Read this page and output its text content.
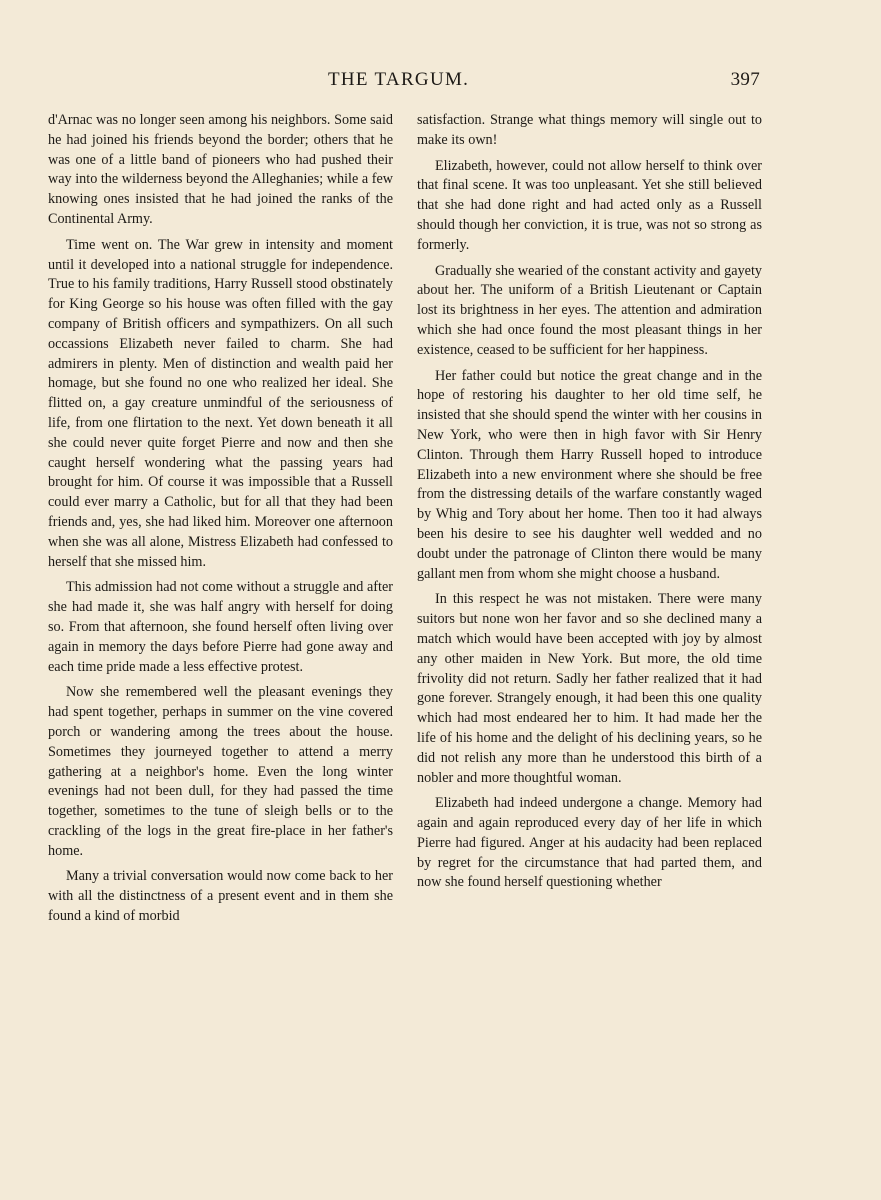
THE TARGUM.	397

d'Arnac was no longer seen among his neighbors. Some said he had joined his friends beyond the border; others that he was one of a little band of pioneers who had pushed their way into the wilderness beyond the Alleghanies; while a few knowing ones insisted that he had joined the ranks of the Continental Army.

Time went on. The War grew in intensity and moment until it developed into a national struggle for independence. True to his family traditions, Harry Russell stood obstinately for King George so his house was often filled with the gay company of British officers and sympathizers. On all such occassions Elizabeth never failed to charm. She had admirers in plenty. Men of distinction and wealth paid her homage, but she found no one who realized her ideal. She flitted on, a gay creature unmindful of the seriousness of life, from one flirtation to the next. Yet down beneath it all she could never quite forget Pierre and now and then she caught herself wondering what the passing years had brought for him. Of course it was impossible that a Russell could ever marry a Catholic, but for all that they had been friends and, yes, she had liked him. Moreover one afternoon when she was all alone, Mistress Elizabeth had confessed to herself that she missed him.

This admission had not come without a struggle and after she had made it, she was half angry with herself for doing so. From that afternoon, she found herself often living over again in memory the days before Pierre had gone away and each time pride made a less effective protest.

Now she remembered well the pleasant evenings they had spent together, perhaps in summer on the vine covered porch or wandering among the trees about the house. Sometimes they journeyed together to attend a merry gathering at a neighbor's home. Even the long winter evenings had not been dull, for they had passed the time together, sometimes to the tune of sleigh bells or to the crackling of the logs in the great fire-place in her father's home.

Many a trivial conversation would now come back to her with all the distinctness of a present event and in them she found a kind of morbid

satisfaction. Strange what things memory will single out to make its own!

Elizabeth, however, could not allow herself to think over that final scene. It was too unpleasant. Yet she still believed that she had done right and had acted only as a Russell should though her conviction, it is true, was not so strong as formerly.

Gradually she wearied of the constant activity and gayety about her. The uniform of a British Lieutenant or Captain lost its brightness in her eyes. The attention and admiration which she had once found the most pleasant things in her existence, ceased to be sufficient for her happiness.

Her father could but notice the great change and in the hope of restoring his daughter to her old time self, he insisted that she should spend the winter with her cousins in New York, who were then in high favor with Sir Henry Clinton. Through them Harry Russell hoped to introduce Elizabeth into a new environment where she should be free from the distressing details of the warfare constantly waged by Whig and Tory about her home. Then too it had always been his desire to see his daughter well wedded and no doubt under the patronage of Clinton there would be many gallant men from whom she might choose a husband.

In this respect he was not mistaken. There were many suitors but none won her favor and so she declined many a match which would have been accepted with joy by almost any other maiden in New York. But more, the old time frivolity did not return. Sadly her father realized that it had gone forever. Strangely enough, it had been this one quality which had most endeared her to him. It had made her the life of his home and the delight of his declining years, so he did not relish any more than he understood this birth of a nobler and more thoughtful woman.

Elizabeth had indeed undergone a change. Memory had again and again reproduced every day of her life in which Pierre had figured. Anger at his audacity had been replaced by regret for the circumstance that had parted them, and now she found herself questioning whether
